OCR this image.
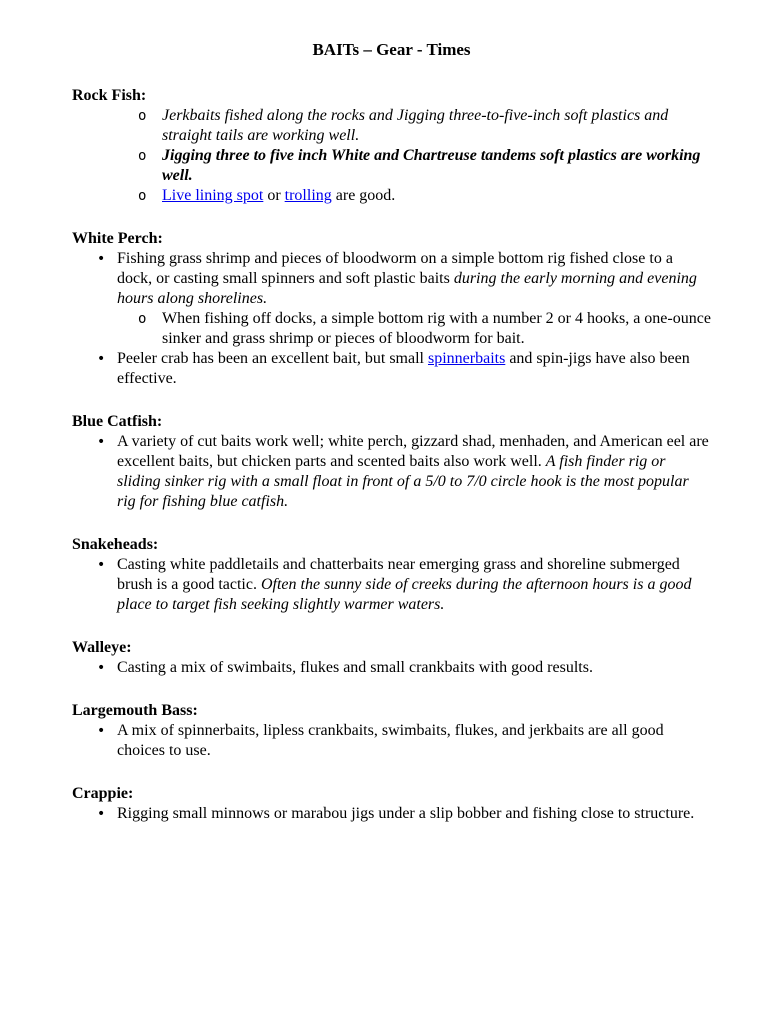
BAITs – Gear - Times
Rock Fish:
o Jerkbaits fished along the rocks and Jigging three-to-five-inch soft plastics and straight tails are working well.
o Jigging three to five inch White and Chartreuse tandems soft plastics are working well.
o Live lining spot or trolling are good.
White Perch:
• Fishing grass shrimp and pieces of bloodworm on a simple bottom rig fished close to a dock, or casting small spinners and soft plastic baits during the early morning and evening hours along shorelines.
o When fishing off docks, a simple bottom rig with a number 2 or 4 hooks, a one-ounce sinker and grass shrimp or pieces of bloodworm for bait.
• Peeler crab has been an excellent bait, but small spinnerbaits and spin-jigs have also been effective.
Blue Catfish:
• A variety of cut baits work well; white perch, gizzard shad, menhaden, and American eel are excellent baits, but chicken parts and scented baits also work well. A fish finder rig or sliding sinker rig with a small float in front of a 5/0 to 7/0 circle hook is the most popular rig for fishing blue catfish.
Snakeheads:
• Casting white paddletails and chatterbaits near emerging grass and shoreline submerged brush is a good tactic. Often the sunny side of creeks during the afternoon hours is a good place to target fish seeking slightly warmer waters.
Walleye:
• Casting a mix of swimbaits, flukes and small crankbaits with good results.
Largemouth Bass:
• A mix of spinnerbaits, lipless crankbaits, swimbaits, flukes, and jerkbaits are all good choices to use.
Crappie:
• Rigging small minnows or marabou jigs under a slip bobber and fishing close to structure.
